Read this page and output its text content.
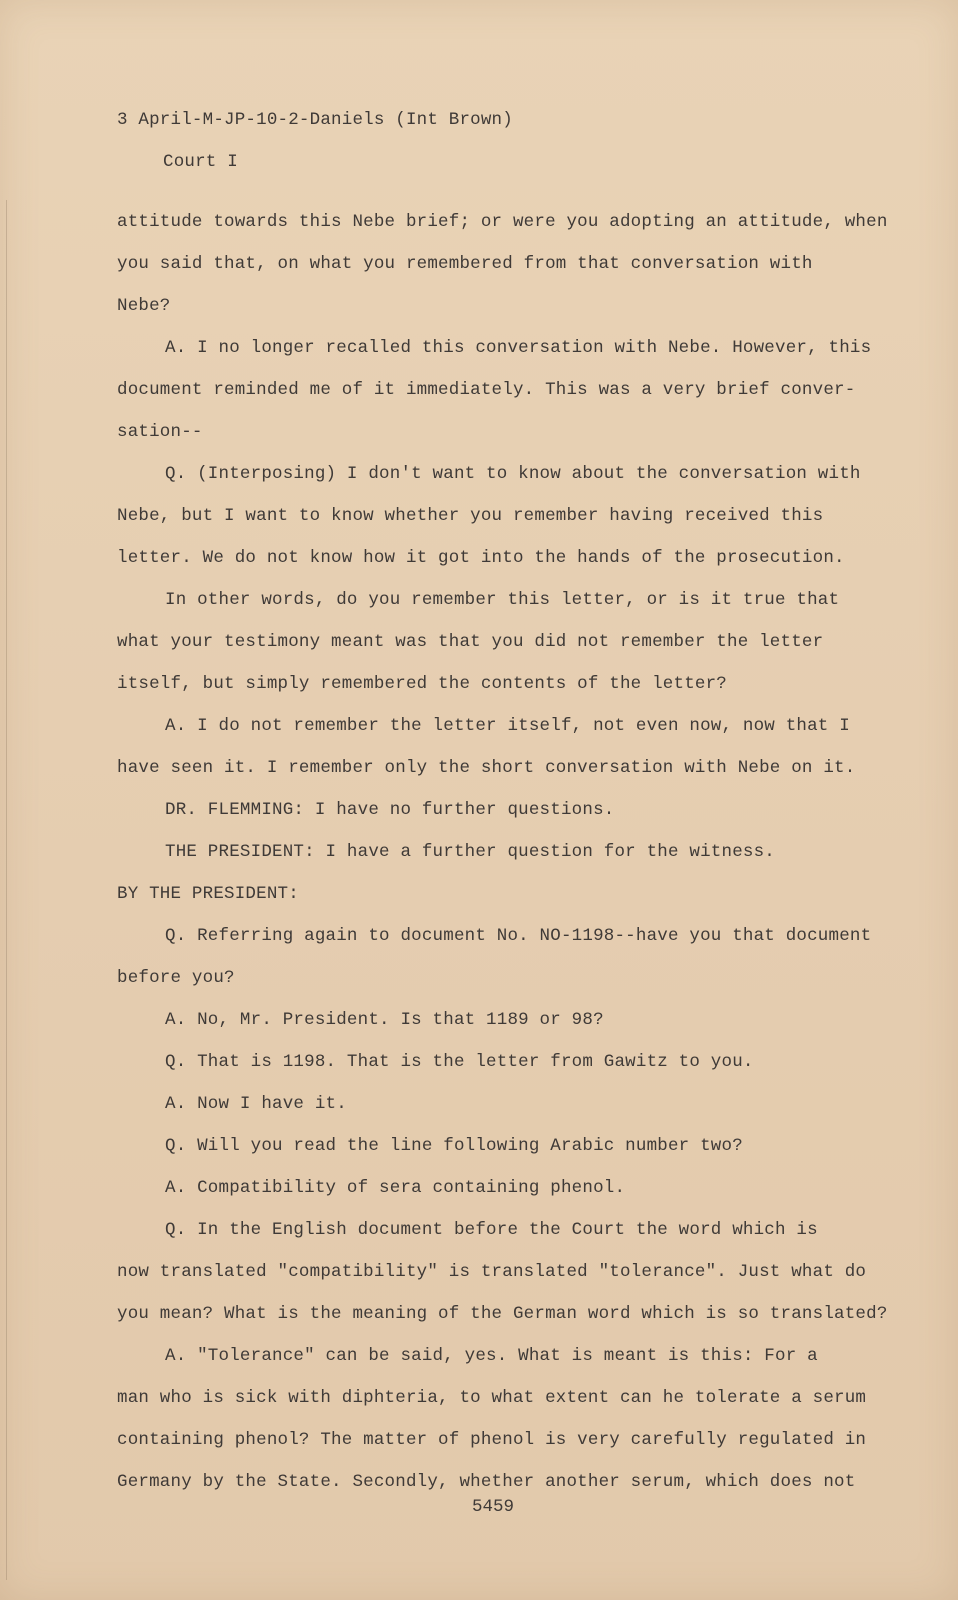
3 April-M-JP-10-2-Daniels (Int Brown)
Court I
attitude towards this Nebe brief; or were you adopting an attitude, when
you said that, on what you remembered from that conversation with
Nebe?
A. I no longer recalled this conversation with Nebe. However, this
document reminded me of it immediately. This was a very brief conver-
sation--
Q. (Interposing) I don't want to know about the conversation with
Nebe, but I want to know whether you remember having received this
letter. We do not know how it got into the hands of the prosecution.
In other words, do you remember this letter, or is it true that
what your testimony meant was that you did not remember the letter
itself, but simply remembered the contents of the letter?
A. I do not remember the letter itself, not even now, now that I
have seen it. I remember only the short conversation with Nebe on it.
DR. FLEMMING: I have no further questions.
THE PRESIDENT: I have a further question for the witness.
BY THE PRESIDENT:
Q. Referring again to document No. NO-1198--have you that document
before you?
A. No, Mr. President. Is that 1189 or 98?
Q. That is 1198. That is the letter from Gawitz to you.
A. Now I have it.
Q. Will you read the line following Arabic number two?
A. Compatibility of sera containing phenol.
Q. In the English document before the Court the word which is
now translated "compatibility" is translated "tolerance". Just what do
you mean? What is the meaning of the German word which is so translated?
A. "Tolerance" can be said, yes. What is meant is this: For a
man who is sick with diphteria, to what extent can he tolerate a serum
containing phenol? The matter of phenol is very carefully regulated in
Germany by the State. Secondly, whether another serum, which does not
5459
